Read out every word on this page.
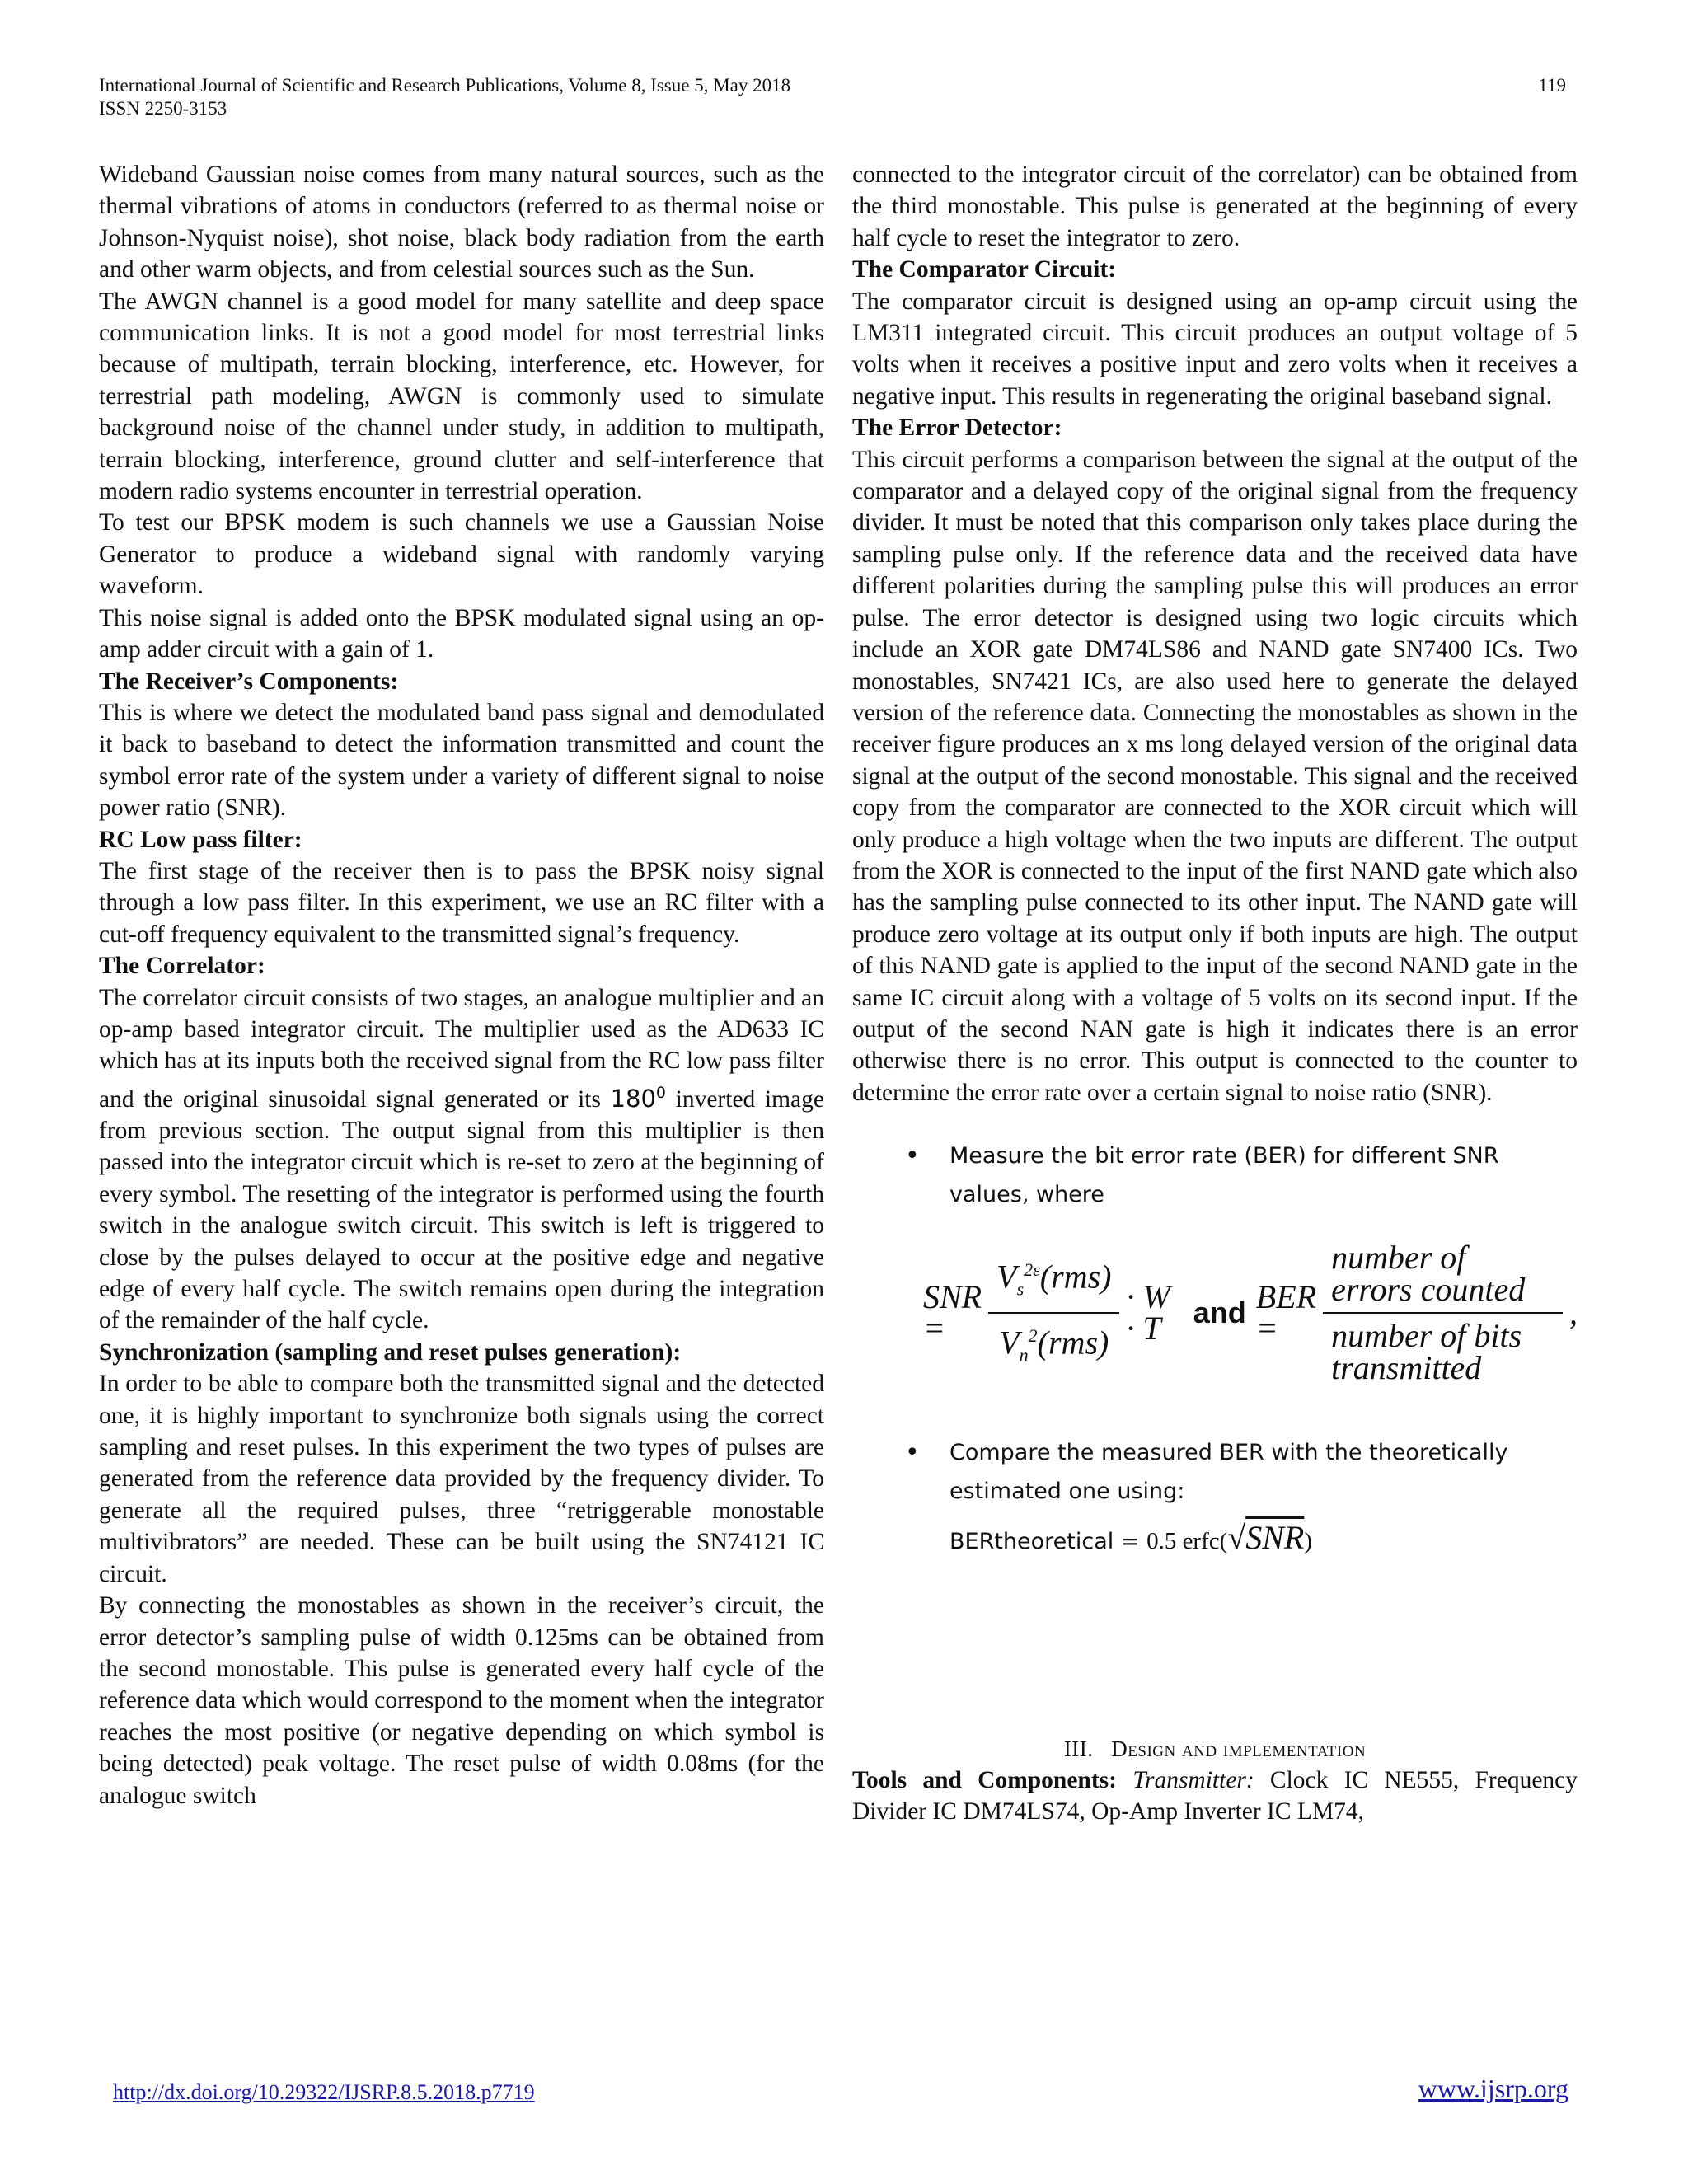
International Journal of Scientific and Research Publications, Volume 8, Issue 5, May 2018
ISSN 2250-3153
119

Wideband Gaussian noise comes from many natural sources, such as the thermal vibrations of atoms in conductors (referred to as thermal noise or Johnson-Nyquist noise), shot noise, black body radiation from the earth and other warm objects, and from celestial sources such as the Sun.

The AWGN channel is a good model for many satellite and deep space communication links. It is not a good model for most terrestrial links because of multipath, terrain blocking, interference, etc. However, for terrestrial path modeling, AWGN is commonly used to simulate background noise of the channel under study, in addition to multipath, terrain blocking, interference, ground clutter and self-interference that modern radio systems encounter in terrestrial operation.

To test our BPSK modem is such channels we use a Gaussian Noise Generator to produce a wideband signal with randomly varying waveform.

This noise signal is added onto the BPSK modulated signal using an op-amp adder circuit with a gain of 1.

The Receiver’s Components:

This is where we detect the modulated band pass signal and demodulated it back to baseband to detect the information transmitted and count the symbol error rate of the system under a variety of different signal to noise power ratio (SNR).

RC Low pass filter:

The first stage of the receiver then is to pass the BPSK noisy signal through a low pass filter. In this experiment, we use an RC filter with a cut-off frequency equivalent to the transmitted signal’s frequency.

The Correlator:

The correlator circuit consists of two stages, an analogue multiplier and an op-amp based integrator circuit. The multiplier used as the AD633 IC which has at its inputs both the received signal from the RC low pass filter and the original sinusoidal signal generated or its $180^0$ inverted image from previous section. The output signal from this multiplier is then passed into the integrator circuit which is re-set to zero at the beginning of every symbol. The resetting of the integrator is performed using the fourth switch in the analogue switch circuit. This switch is left is triggered to close by the pulses delayed to occur at the positive edge and negative edge of every half cycle. The switch remains open during the integration of the remainder of the half cycle.

Synchronization (sampling and reset pulses generation):

In order to be able to compare both the transmitted signal and the detected one, it is highly important to synchronize both signals using the correct sampling and reset pulses. In this experiment the two types of pulses are generated from the reference data provided by the frequency divider. To generate all the required pulses, three “retriggerable monostable multivibrators” are needed. These can be built using the SN74121 IC circuit.

By connecting the monostables as shown in the receiver’s circuit, the error detector’s sampling pulse of width 0.125ms can be obtained from the second monostable. This pulse is generated every half cycle of the reference data which would correspond to the moment when the integrator reaches the most positive (or negative depending on which symbol is being detected) peak voltage. The reset pulse of width 0.08ms (for the analogue switch

connected to the integrator circuit of the correlator) can be obtained from the third monostable. This pulse is generated at the beginning of every half cycle to reset the integrator to zero.

The Comparator Circuit:

The comparator circuit is designed using an op-amp circuit using the LM311 integrated circuit. This circuit produces an output voltage of 5 volts when it receives a positive input and zero volts when it receives a negative input. This results in regenerating the original baseband signal.

The Error Detector:

This circuit performs a comparison between the signal at the output of the comparator and a delayed copy of the original signal from the frequency divider. It must be noted that this comparison only takes place during the sampling pulse only. If the reference data and the received data have different polarities during the sampling pulse this will produces an error pulse. The error detector is designed using two logic circuits which include an XOR gate DM74LS86 and NAND gate SN7400 ICs. Two monostables, SN7421 ICs, are also used here to generate the delayed version of the reference data. Connecting the monostables as shown in the receiver figure produces an x ms long delayed version of the original data signal at the output of the second monostable. This signal and the received copy from the comparator are connected to the XOR circuit which will only produce a high voltage when the two inputs are different. The output from the XOR is connected to the input of the first NAND gate which also has the sampling pulse connected to its other input. The NAND gate will produce zero voltage at its output only if both inputs are high. The output of this NAND gate is applied to the input of the second NAND gate in the same IC circuit along with a voltage of 5 volts on its second input. If the output of the second NAN gate is high it indicates there is an error otherwise there is no error. This output is connected to the counter to determine the error rate over a certain signal to noise ratio (SNR).

• Measure the bit error rate (BER) for different SNR values, where
SNR =	$\frac{V_s^{2\varepsilon}(rms)}{V_n^2(rms)} \cdot W \cdot T$	and BER =	$\frac{\text{number of errors counted}}{\text{number of bits transmitted}}$ ,
• Compare the measured BER with the theoretically estimated one using:
BERtheoretical = 0.5 erfc(√SNR)
III. Design and implementation

Tools and Components: Transmitter: Clock IC NE555, Frequency Divider IC DM74LS74, Op-Amp Inverter IC LM74,

http://dx.doi.org/10.29322/IJSRP.8.5.2018.p7719	www.ijsrp.org
